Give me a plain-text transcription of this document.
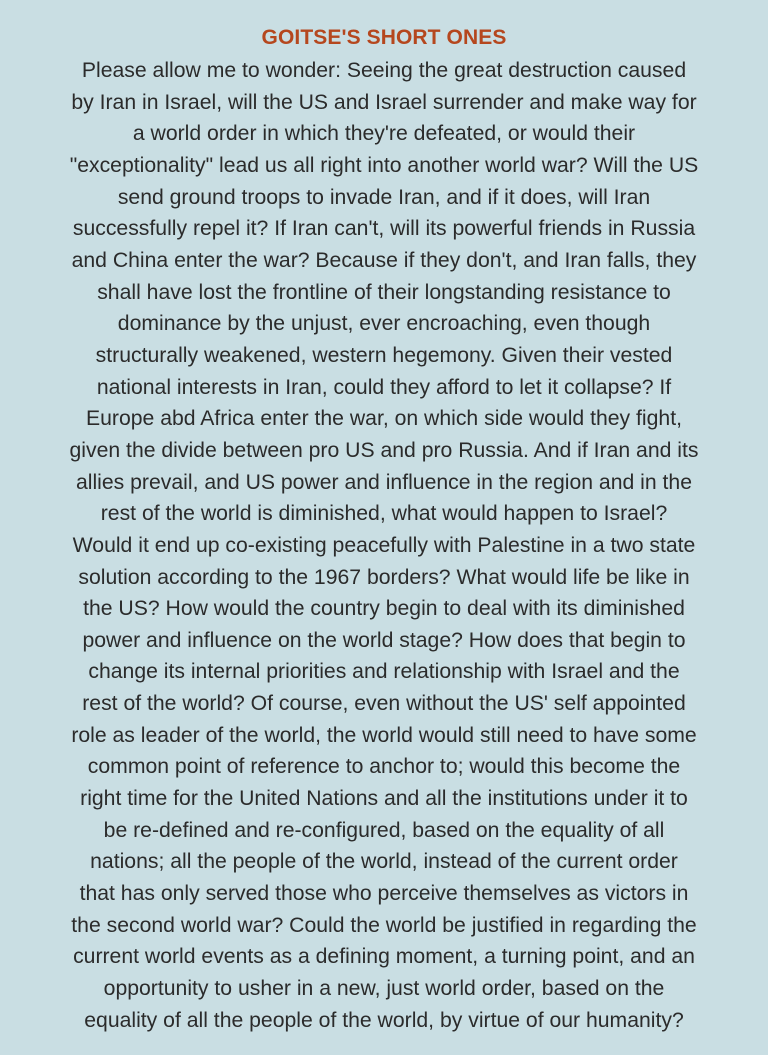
GOITSE'S SHORT ONES
Please allow me to wonder: Seeing the great destruction caused
by Iran in Israel, will the US and Israel surrender and make way for
a world order in which they're defeated, or would their
"exceptionality" lead us all right into another world war? Will the US
send ground troops to invade Iran, and if it does, will Iran
successfully repel it? If Iran can't, will its powerful friends in Russia
and China enter the war? Because if they don't, and Iran falls, they
shall have lost the frontline of their longstanding resistance to
dominance by the unjust, ever encroaching, even though
structurally weakened, western hegemony. Given their vested
national interests in Iran, could they afford to let it collapse? If
Europe abd Africa enter the war, on which side would they fight,
given the divide between pro US and pro Russia. And if Iran and its
allies prevail, and US power and influence in the region and in the
rest of the world is diminished, what would happen to Israel?
Would it end up co-existing peacefully with Palestine in a two state
solution according to the 1967 borders? What would life be like in
the US? How would the country begin to deal with its diminished
power and influence on the world stage? How does that begin to
change its internal priorities and relationship with Israel and the
rest of the world? Of course, even without the US' self appointed
role as leader of the world, the world would still need to have some
common point of reference to anchor to; would this become the
right time for the United Nations and all the institutions under it to
be re-defined and re-configured, based on the equality of all
nations; all the people of the world, instead of the current order
that has only served those who perceive themselves as victors in
the second world war? Could the world be justified in regarding the
current world events as a defining moment, a turning point, and an
opportunity to usher in a new, just world order, based on the
equality of all the people of the world, by virtue of our humanity?
